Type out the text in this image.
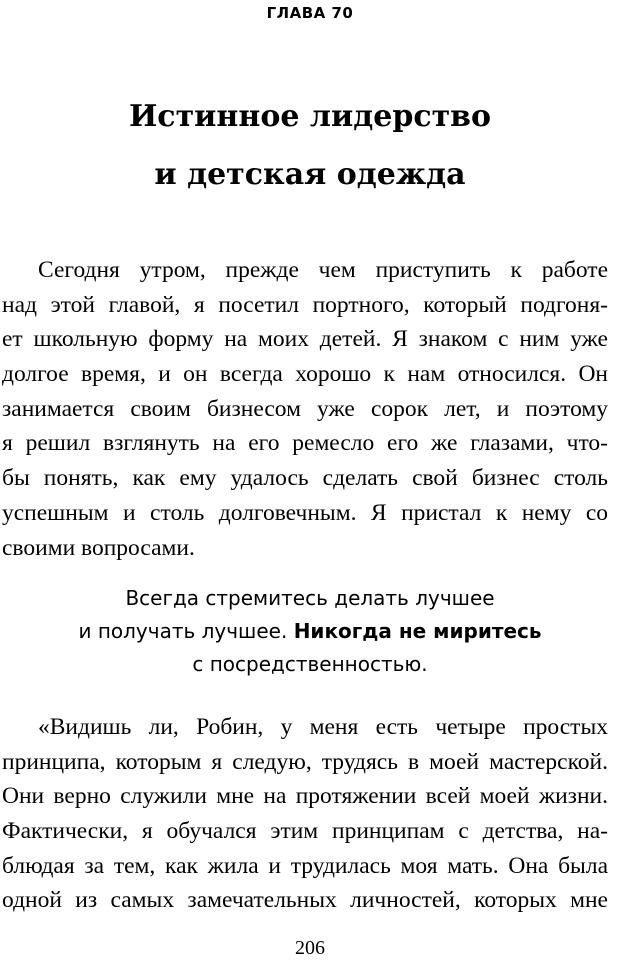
ГЛАВА 70
Истинное лидерство
и детская одежда
Сегодня утром, прежде чем приступить к работе
над этой главой, я посетил портного, который подгоня-
ет школьную форму на моих детей. Я знаком с ним уже
долгое время, и он всегда хорошо к нам относился. Он
занимается своим бизнесом уже сорок лет, и поэтому
я решил взглянуть на его ремесло его же глазами, что-
бы понять, как ему удалось сделать свой бизнес столь
успешным и столь долговечным. Я пристал к нему со
своими вопросами.
Всегда стремитесь делать лучшее
и получать лучшее. Никогда не миритесь
с посредственностью.
«Видишь ли, Робин, у меня есть четыре простых
принципа, которым я следую, трудясь в моей мастерской.
Они верно служили мне на протяжении всей моей жизни.
Фактически, я обучался этим принципам с детства, на-
блюдая за тем, как жила и трудилась моя мать. Она была
одной из самых замечательных личностей, которых мне
206
